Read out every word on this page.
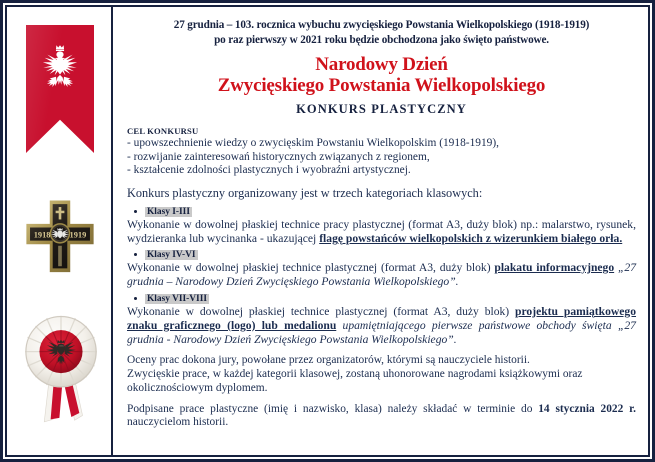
1918 1919
27 grudnia – 103. rocznica wybuchu zwycięskiego Powstania Wielkopolskiego (1918-1919)
po raz pierwszy w 2021 roku będzie obchodzona jako święto państwowe.
Narodowy Dzień
Zwycięskiego Powstania Wielkopolskiego
KONKURS PLASTYCZNY
CEL KONKURSU
- upowszechnienie wiedzy o zwycięskim Powstaniu Wielkopolskim (1918-1919),
- rozwijanie zainteresowań historycznych związanych z regionem,
- kształcenie zdolności plastycznych i wyobraźni artystycznej.
Konkurs plastyczny organizowany jest w trzech kategoriach klasowych:
Klasy I-III
Wykonanie w dowolnej płaskiej technice pracy plastycznej (format A3, duży blok) np.: malarstwo, rysunek, wydzieranka lub wycinanka - ukazującej flagę powstańców wielkopolskich z wizerunkiem białego orła.
Klasy IV-VI
Wykonanie w dowolnej płaskiej technice plastycznej (format A3, duży blok) plakatu informacyjnego „27 grudnia – Narodowy Dzień Zwycięskiego Powstania Wielkopolskiego”.
Klasy VII-VIII
Wykonanie w dowolnej płaskiej technice plastycznej (format A3, duży blok) projektu pamiątkowego znaku graficznego (logo) lub medalionu upamiętniającego pierwsze państwowe obchody święta „27 grudnia - Narodowy Dzień Zwycięskiego Powstania Wielkopolskiego”.
Oceny prac dokona jury, powołane przez organizatorów, którymi są nauczyciele historii.
Zwycięskie prace, w każdej kategorii klasowej, zostaną uhonorowane nagrodami książkowymi oraz okolicznościowym dyplomem.
Podpisane prace plastyczne (imię i nazwisko, klasa) należy składać w terminie do 14 stycznia 2022 r. nauczycielom historii.
